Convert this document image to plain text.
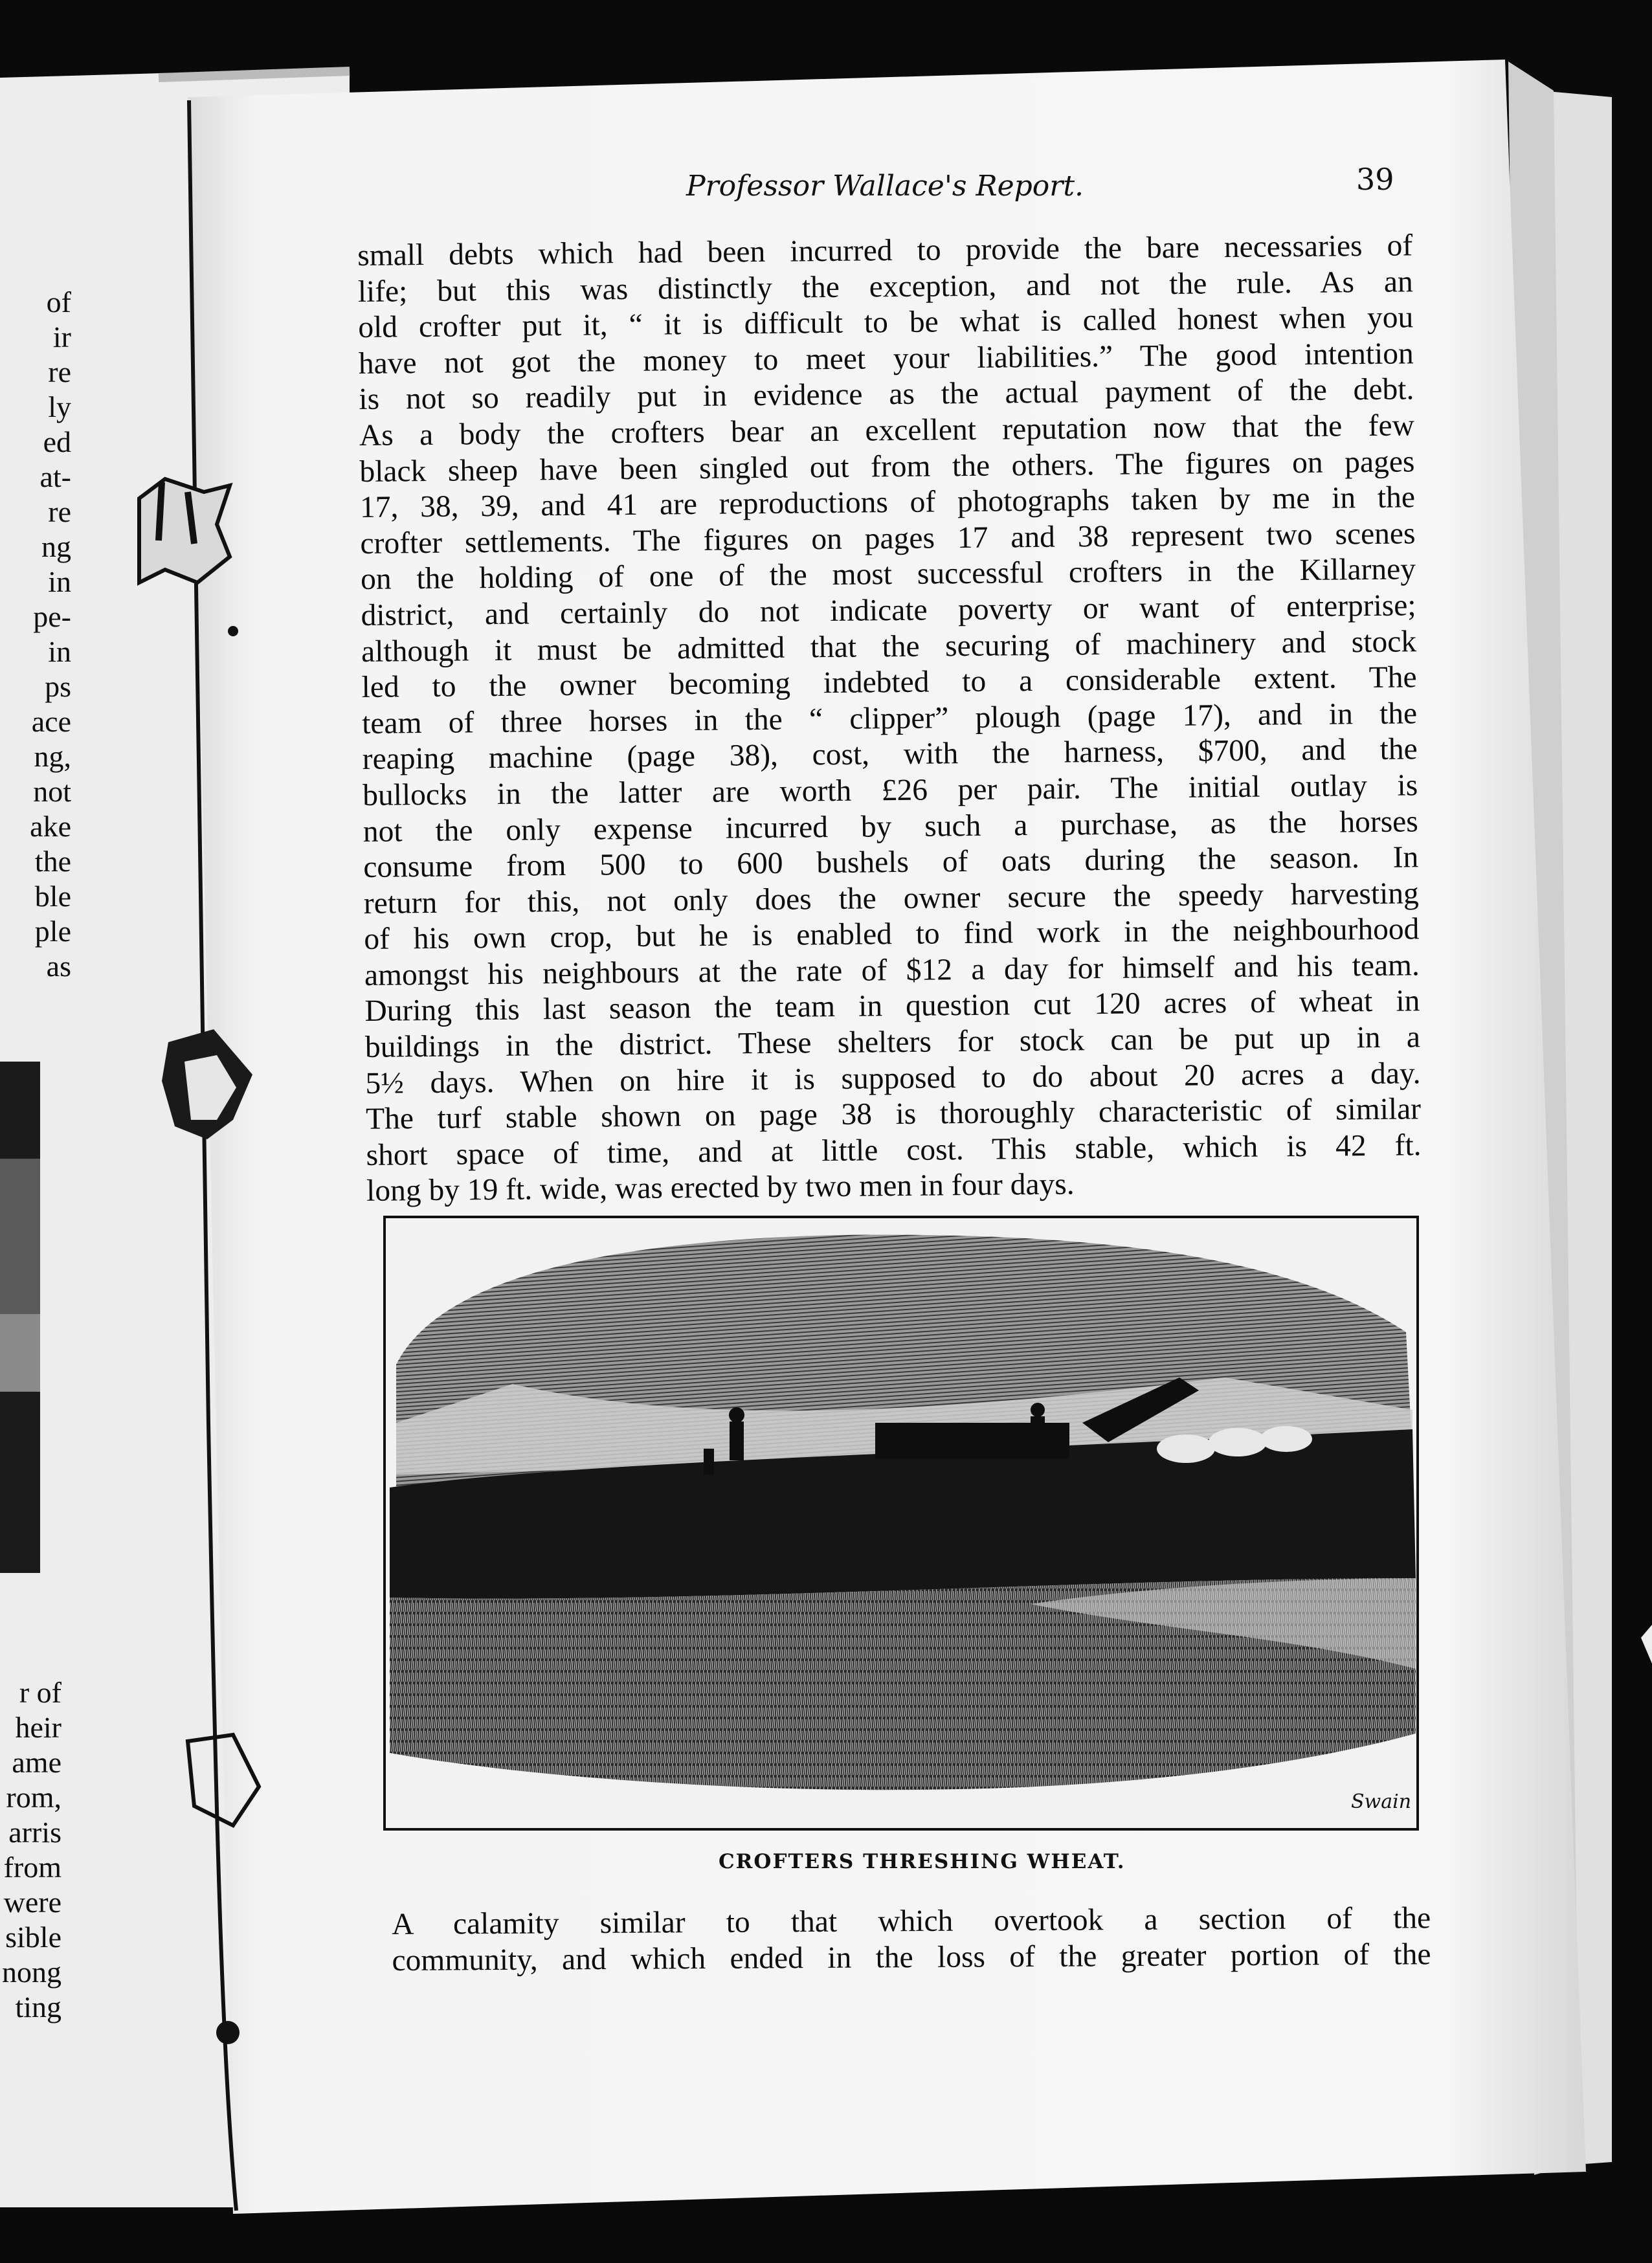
Professor Wallace's Report.	39
of
ir
re
ly
ed
at-
re
ng
in
pe-
in
ps
ace
ng,
not
ake
the
ble
ple
as
r of
heir
ame
rom,
arris
from
were
sible
nong
ting
small debts which had been incurred to provide the bare necessaries of
life; but this was distinctly the exception, and not the rule. As an
old crofter put it, “ it is difficult to be what is called honest when you
have not got the money to meet your liabilities.” The good intention
is not so readily put in evidence as the actual payment of the debt.
As a body the crofters bear an excellent reputation now that the few
black sheep have been singled out from the others. The figures on pages
17, 38, 39, and 41 are reproductions of photographs taken by me in the
crofter settlements. The figures on pages 17 and 38 represent two scenes
on the holding of one of the most successful crofters in the Killarney
district, and certainly do not indicate poverty or want of enterprise;
although it must be admitted that the securing of machinery and stock
led to the owner becoming indebted to a considerable extent. The
team of three horses in the “ clipper” plough (page 17), and in the
reaping machine (page 38), cost, with the harness, $700, and the
bullocks in the latter are worth £26 per pair. The initial outlay is
not the only expense incurred by such a purchase, as the horses
consume from 500 to 600 bushels of oats during the season. In
return for this, not only does the owner secure the speedy harvesting
of his own crop, but he is enabled to find work in the neighbourhood
amongst his neighbours at the rate of $12 a day for himself and his team.
During this last season the team in question cut 120 acres of wheat in
buildings in the district. These shelters for stock can be put up in a
5½ days. When on hire it is supposed to do about 20 acres a day.
The turf stable shown on page 38 is thoroughly characteristic of similar
short space of time, and at little cost. This stable, which is 42 ft.
long by 19 ft. wide, was erected by two men in four days.
Swain
CROFTERS THRESHING WHEAT.
A calamity similar to that which overtook a section of the
community, and which ended in the loss of the greater portion of the
